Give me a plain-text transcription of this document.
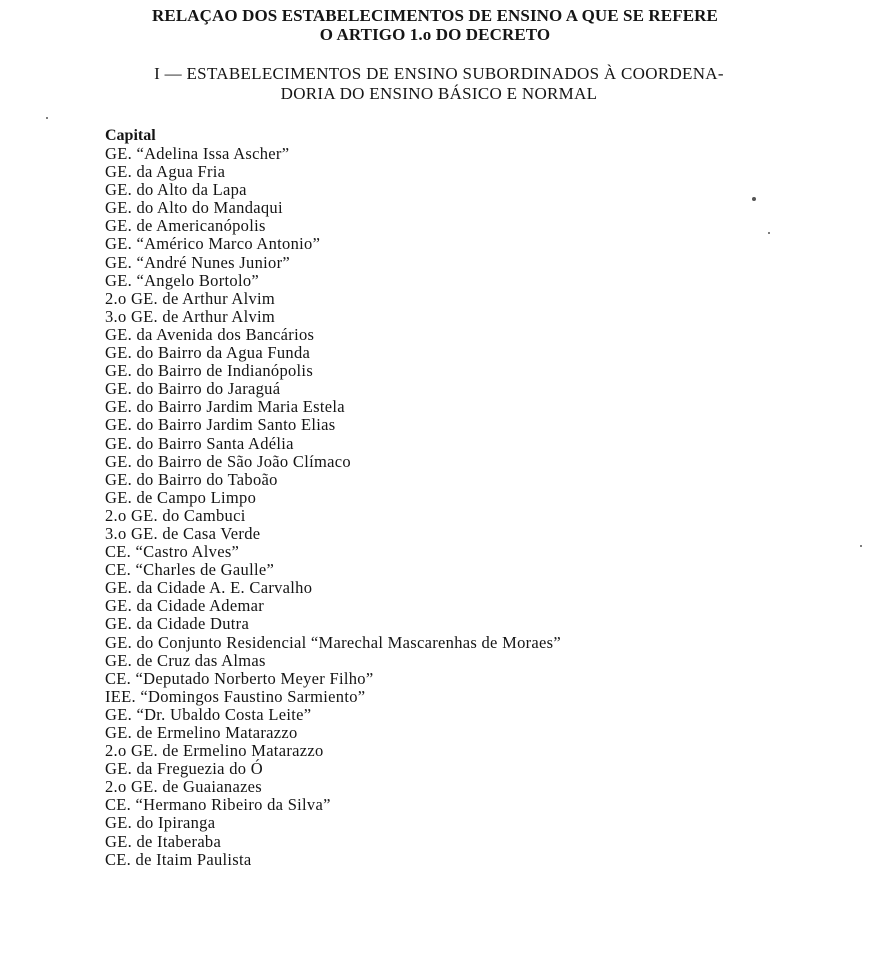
RELAÇAO DOS ESTABELECIMENTOS DE ENSINO A QUE SE REFERE
O ARTIGO 1.o DO DECRETO
I — ESTABELECIMENTOS DE ENSINO SUBORDINADOS À COORDENA-
DORIA DO ENSINO BÁSICO E NORMAL
Capital
GE. “Adelina Issa Ascher”
GE. da Agua Fria
GE. do Alto da Lapa
GE. do Alto do Mandaqui
GE. de Americanópolis
GE. “Américo Marco Antonio”
GE. “André Nunes Junior”
GE. “Angelo Bortolo”
2.o GE. de Arthur Alvim
3.o GE. de Arthur Alvim
GE. da Avenida dos Bancários
GE. do Bairro da Agua Funda
GE. do Bairro de Indianópolis
GE. do Bairro do Jaraguá
GE. do Bairro Jardim Maria Estela
GE. do Bairro Jardim Santo Elias
GE. do Bairro Santa Adélia
GE. do Bairro de São João Clímaco
GE. do Bairro do Taboão
GE. de Campo Limpo
2.o GE. do Cambuci
3.o GE. de Casa Verde
CE. “Castro Alves”
CE. “Charles de Gaulle”
GE. da Cidade A. E. Carvalho
GE. da Cidade Ademar
GE. da Cidade Dutra
GE. do Conjunto Residencial “Marechal Mascarenhas de Moraes”
GE. de Cruz das Almas
CE. “Deputado Norberto Meyer Filho”
IEE. “Domingos Faustino Sarmiento”
GE. “Dr. Ubaldo Costa Leite”
GE. de Ermelino Matarazzo
2.o GE. de Ermelino Matarazzo
GE. da Freguezia do Ó
2.o GE. de Guaianazes
CE. “Hermano Ribeiro da Silva”
GE. do Ipiranga
GE. de Itaberaba
CE. de Itaim Paulista
